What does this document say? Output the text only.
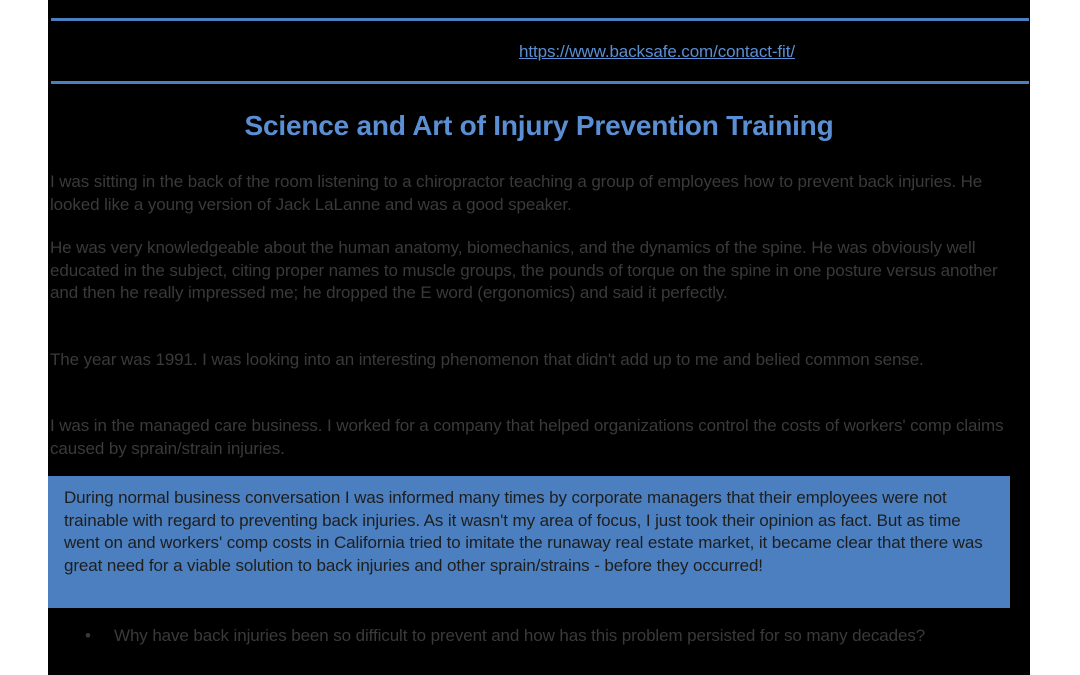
https://www.backsafe.com/contact-fit/
Science and Art of Injury Prevention Training

I was sitting in the back of the room listening to a chiropractor teaching a group of employees how to prevent back injuries. He looked like a young version of Jack LaLanne and was a good speaker.

He was very knowledgeable about the human anatomy, biomechanics, and the dynamics of the spine. He was obviously well educated in the subject, citing proper names to muscle groups, the pounds of torque on the spine in one posture versus another and then he really impressed me; he dropped the E word (ergonomics) and said it perfectly.

The year was 1991. I was looking into an interesting phenomenon that didn't add up to me and belied common sense.

I was in the managed care business. I worked for a company that helped organizations control the costs of workers' comp claims caused by sprain/strain injuries.

During normal business conversation I was informed many times by corporate managers that their employees were not trainable with regard to preventing back injuries. As it wasn't my area of focus, I just took their opinion as fact. But as time went on and workers' comp costs in California tried to imitate the runaway real estate market, it became clear that there was great need for a viable solution to back injuries and other sprain/strains - before they occurred!

• Why have back injuries been so difficult to prevent and how has this problem persisted for so many decades?
